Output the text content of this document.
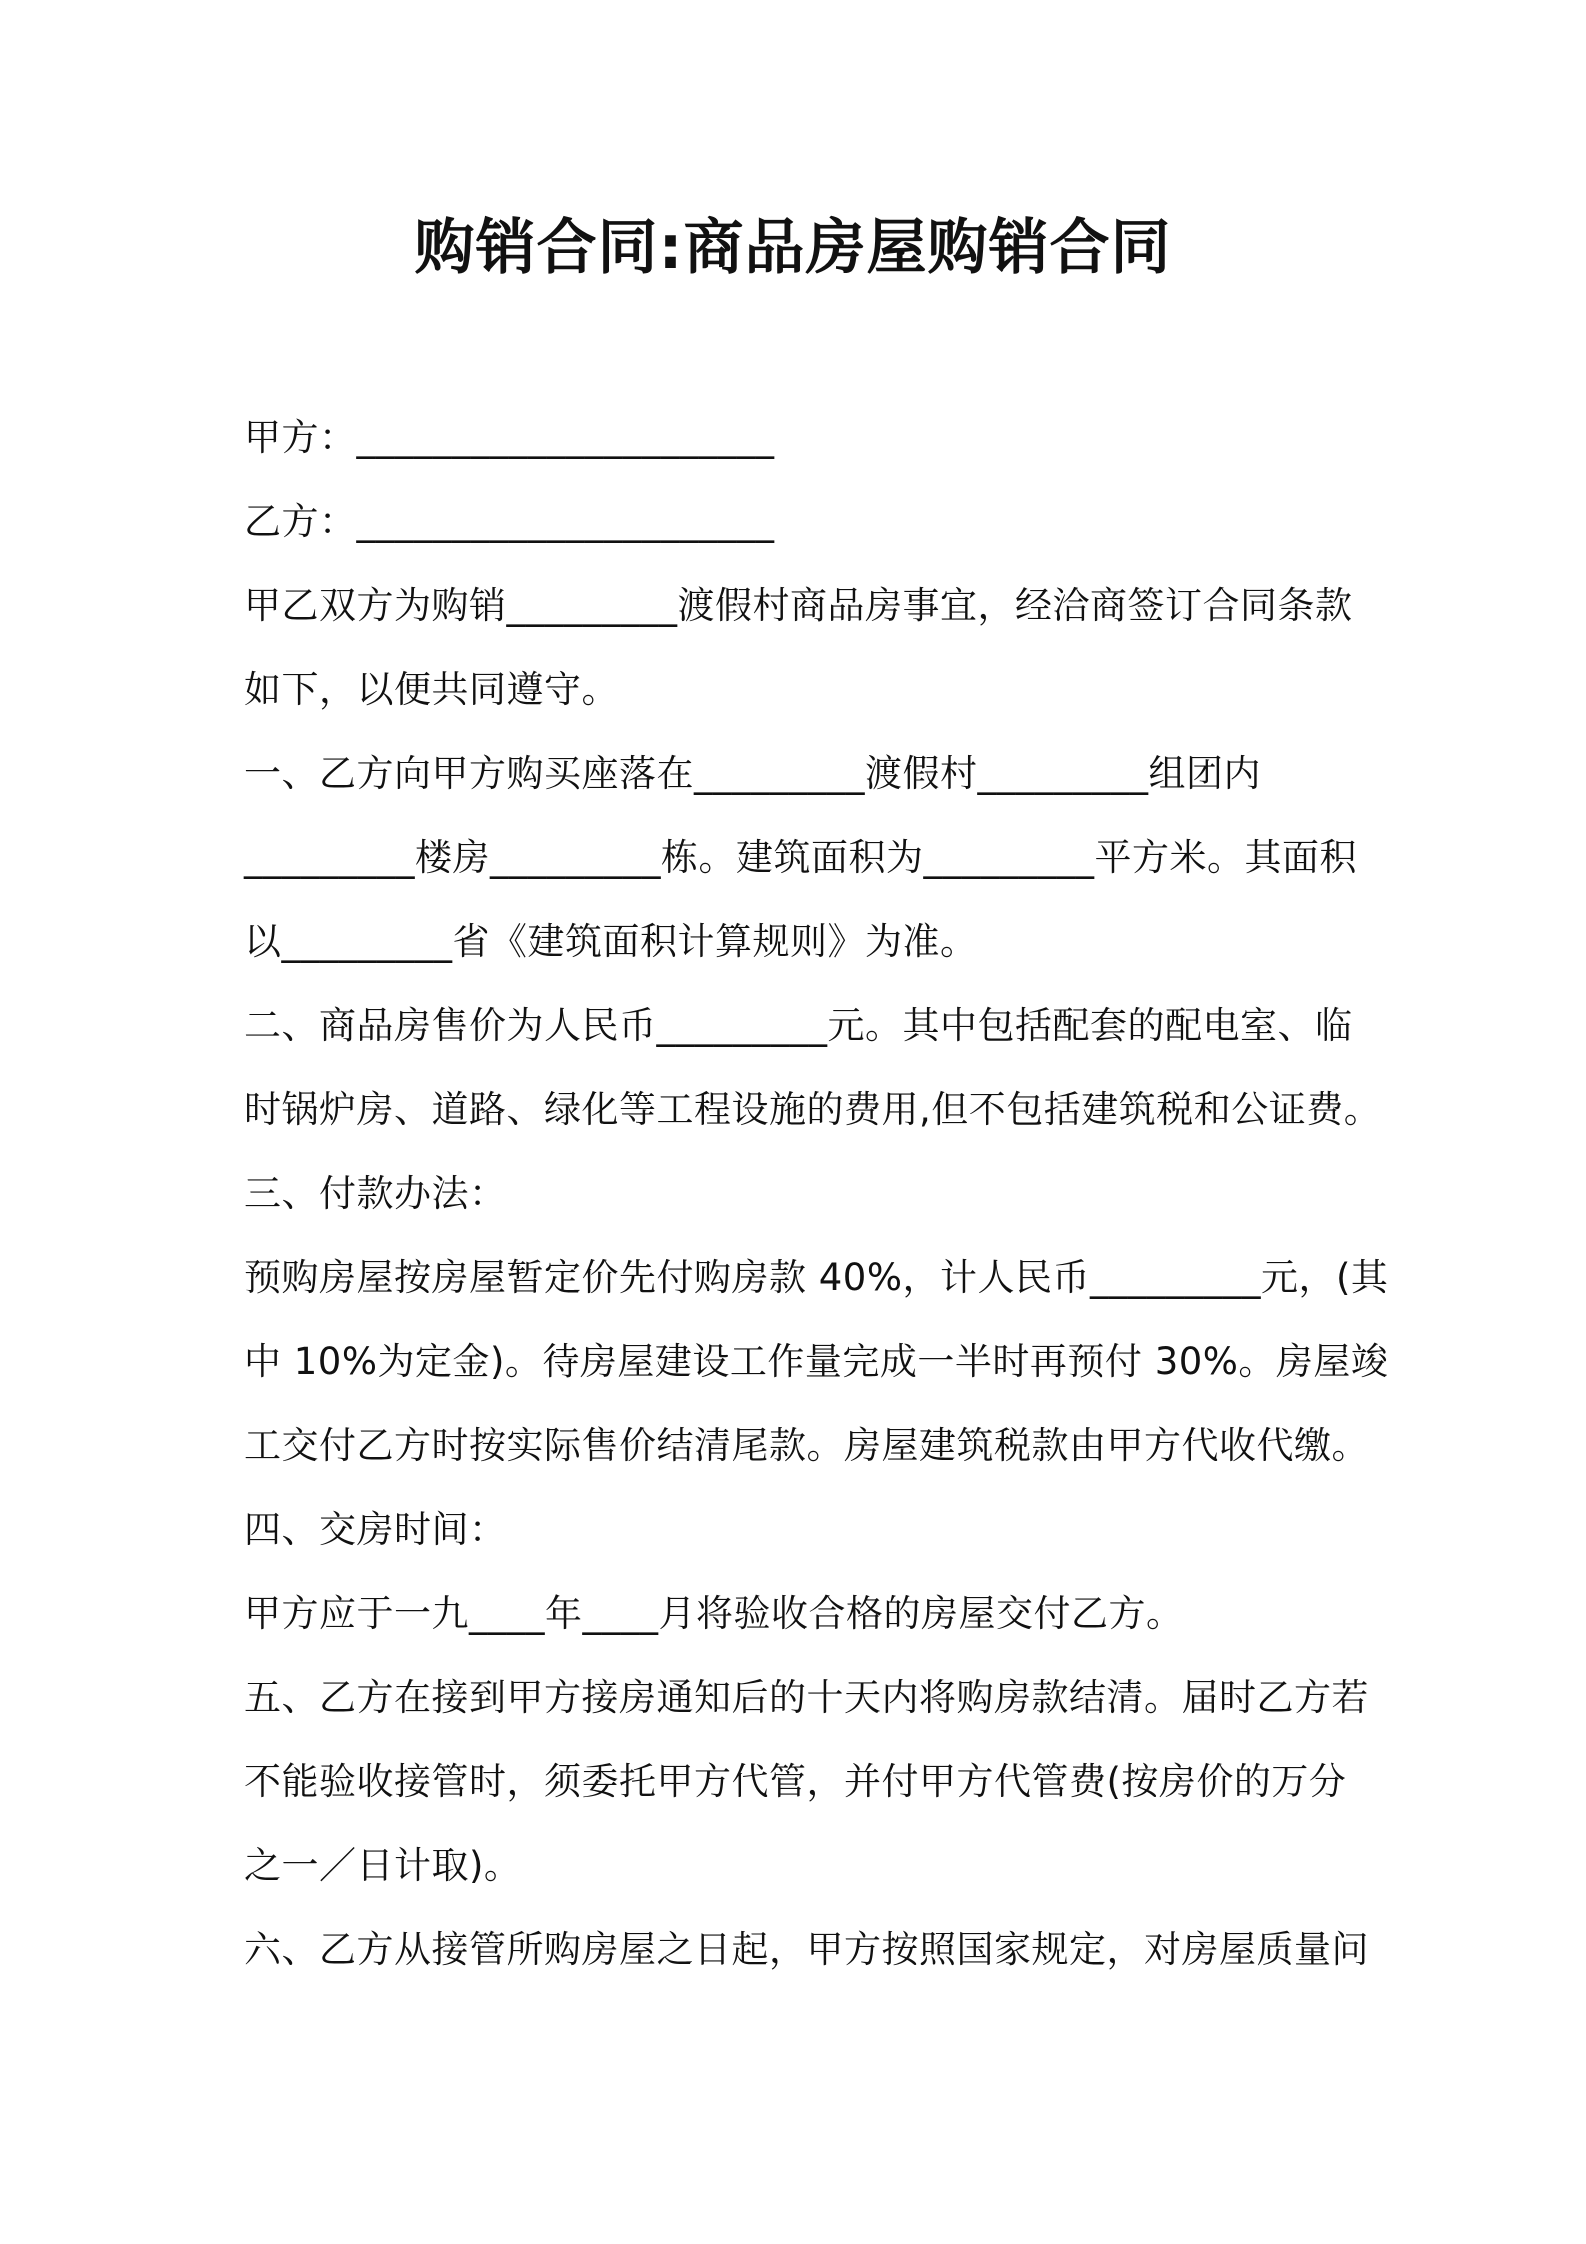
购销合同:商品房屋购销合同

甲方：______________________

乙方：______________________

甲乙双方为购销_________渡假村商品房事宜，经洽商签订合同条款

如下，以便共同遵守。

一、乙方向甲方购买座落在_________渡假村_________组团内

_________楼房_________栋。建筑面积为_________平方米。其面积

以_________省《建筑面积计算规则》为准。

二、商品房售价为人民币_________元。其中包括配套的配电室、临

时锅炉房、道路、绿化等工程设施的费用,但不包括建筑税和公证费。

三、付款办法：

预购房屋按房屋暂定价先付购房款 40%，计人民币_________元，(其

中 10%为定金)。待房屋建设工作量完成一半时再预付 30%。房屋竣

工交付乙方时按实际售价结清尾款。房屋建筑税款由甲方代收代缴。

四、交房时间：

甲方应于一九____年____月将验收合格的房屋交付乙方。

五、乙方在接到甲方接房通知后的十天内将购房款结清。届时乙方若

不能验收接管时，须委托甲方代管，并付甲方代管费(按房价的万分

之一／日计取)。

六、乙方从接管所购房屋之日起，甲方按照国家规定，对房屋质量问
